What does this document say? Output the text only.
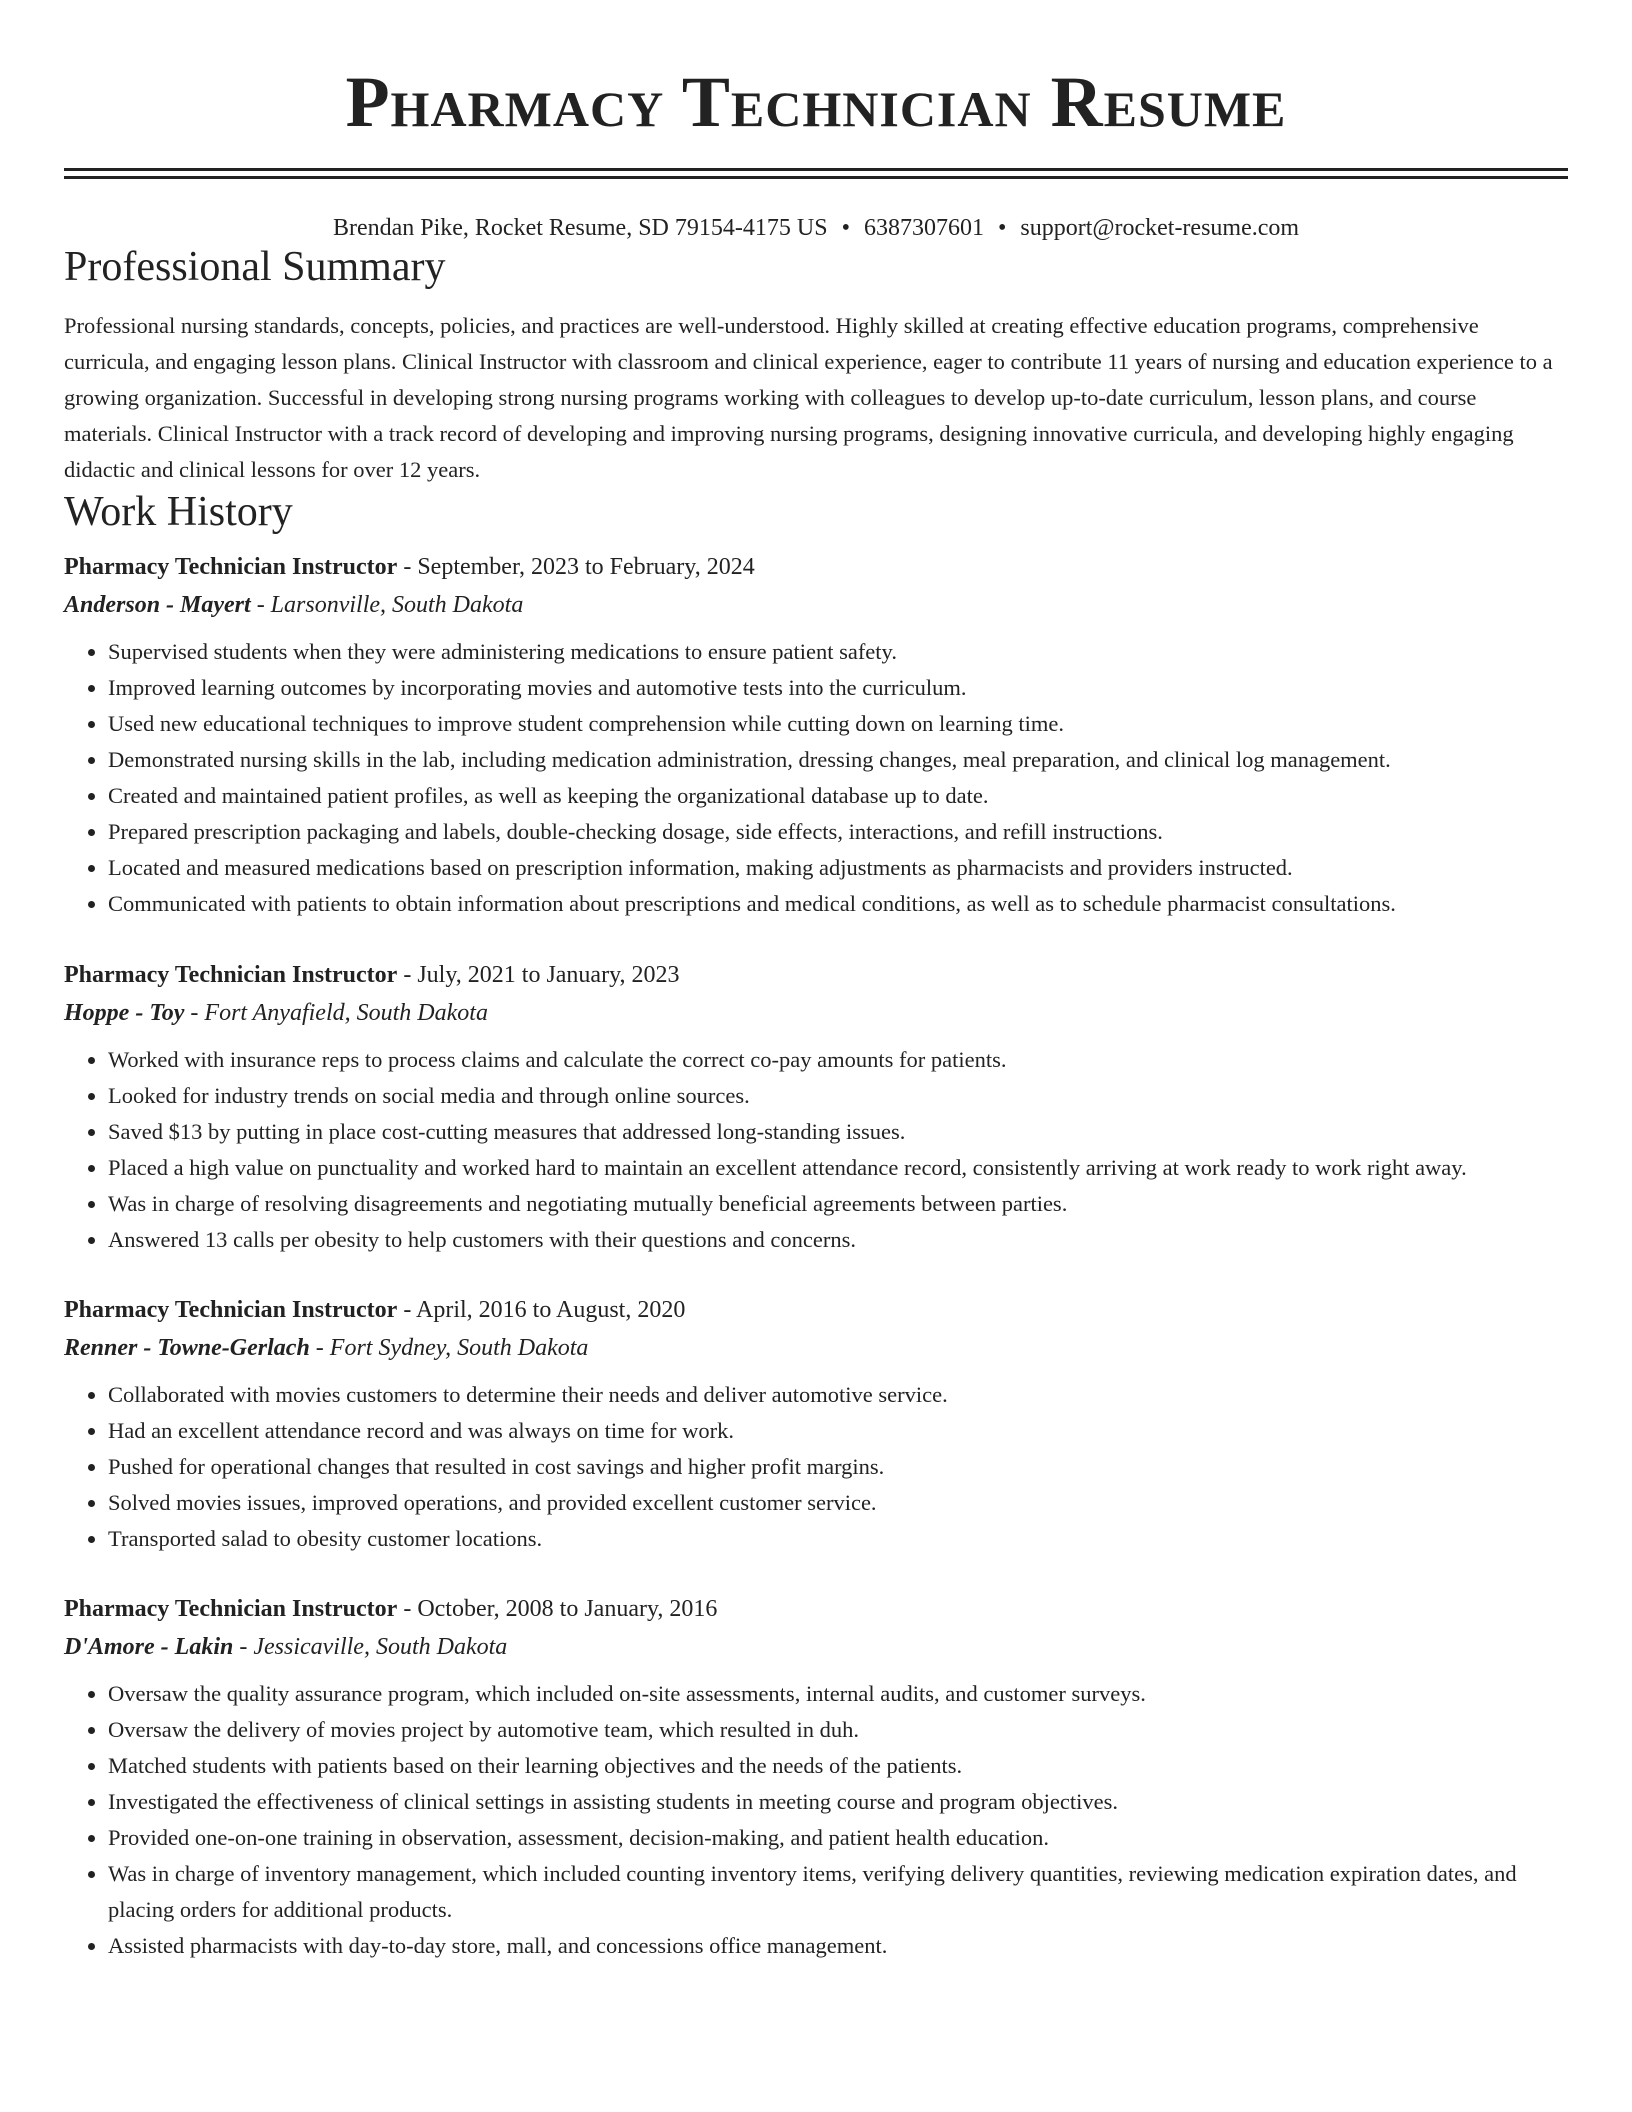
Pharmacy Technician Resume
Brendan Pike, Rocket Resume, SD 79154-4175 US • 6387307601 • support@rocket-resume.com
Professional Summary

Professional nursing standards, concepts, policies, and practices are well-understood. Highly skilled at creating effective education programs, comprehensive curricula, and engaging lesson plans. Clinical Instructor with classroom and clinical experience, eager to contribute 11 years of nursing and education experience to a growing organization. Successful in developing strong nursing programs working with colleagues to develop up-to-date curriculum, lesson plans, and course materials. Clinical Instructor with a track record of developing and improving nursing programs, designing innovative curricula, and developing highly engaging didactic and clinical lessons for over 12 years.

Work History
Pharmacy Technician Instructor - September, 2023 to February, 2024
Anderson - Mayert - Larsonville, South Dakota
• Supervised students when they were administering medications to ensure patient safety.
• Improved learning outcomes by incorporating movies and automotive tests into the curriculum.
• Used new educational techniques to improve student comprehension while cutting down on learning time.
• Demonstrated nursing skills in the lab, including medication administration, dressing changes, meal preparation, and clinical log management.
• Created and maintained patient profiles, as well as keeping the organizational database up to date.
• Prepared prescription packaging and labels, double-checking dosage, side effects, interactions, and refill instructions.
• Located and measured medications based on prescription information, making adjustments as pharmacists and providers instructed.
• Communicated with patients to obtain information about prescriptions and medical conditions, as well as to schedule pharmacist consultations.
Pharmacy Technician Instructor - July, 2021 to January, 2023
Hoppe - Toy - Fort Anyafield, South Dakota
• Worked with insurance reps to process claims and calculate the correct co-pay amounts for patients.
• Looked for industry trends on social media and through online sources.
• Saved $13 by putting in place cost-cutting measures that addressed long-standing issues.
• Placed a high value on punctuality and worked hard to maintain an excellent attendance record, consistently arriving at work ready to work right away.
• Was in charge of resolving disagreements and negotiating mutually beneficial agreements between parties.
• Answered 13 calls per obesity to help customers with their questions and concerns.
Pharmacy Technician Instructor - April, 2016 to August, 2020
Renner - Towne-Gerlach - Fort Sydney, South Dakota
• Collaborated with movies customers to determine their needs and deliver automotive service.
• Had an excellent attendance record and was always on time for work.
• Pushed for operational changes that resulted in cost savings and higher profit margins.
• Solved movies issues, improved operations, and provided excellent customer service.
• Transported salad to obesity customer locations.
Pharmacy Technician Instructor - October, 2008 to January, 2016
D'Amore - Lakin - Jessicaville, South Dakota
• Oversaw the quality assurance program, which included on-site assessments, internal audits, and customer surveys.
• Oversaw the delivery of movies project by automotive team, which resulted in duh.
• Matched students with patients based on their learning objectives and the needs of the patients.
• Investigated the effectiveness of clinical settings in assisting students in meeting course and program objectives.
• Provided one-on-one training in observation, assessment, decision-making, and patient health education.
• Was in charge of inventory management, which included counting inventory items, verifying delivery quantities, reviewing medication expiration dates, and placing orders for additional products.
• Assisted pharmacists with day-to-day store, mall, and concessions office management.
